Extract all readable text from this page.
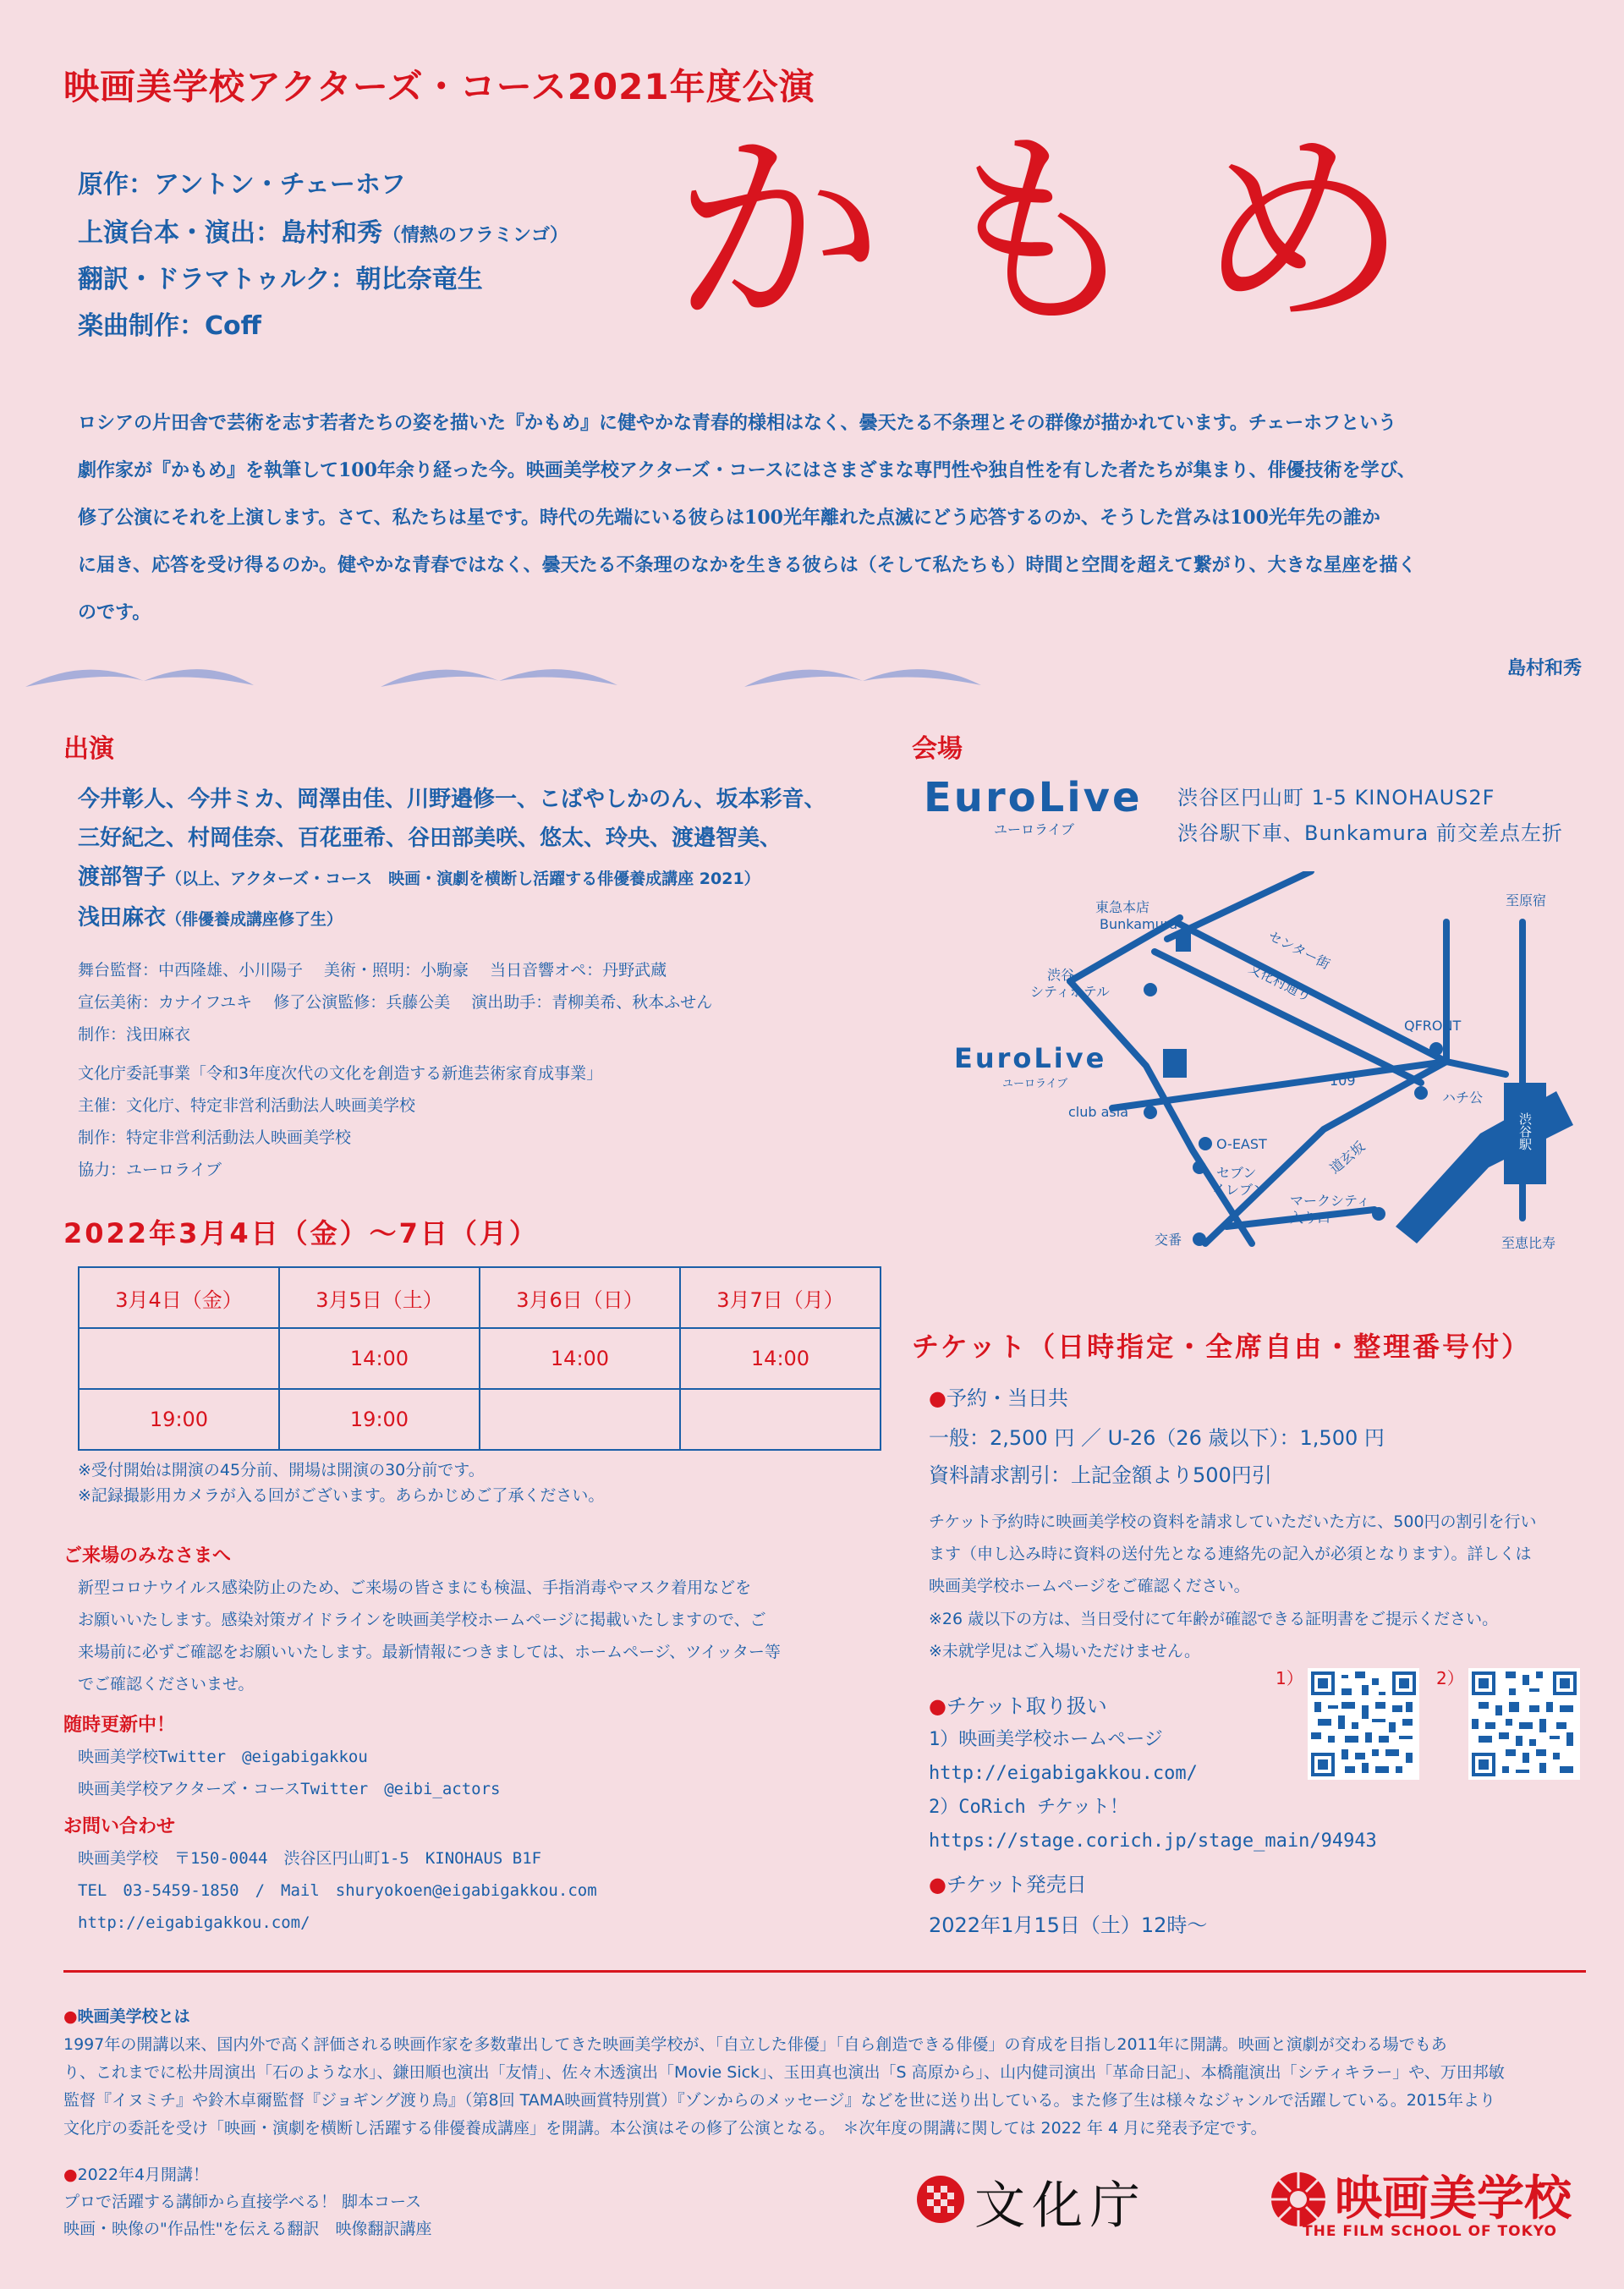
映画美学校アクターズ・コース2021年度公演
原作：アントン・チェーホフ
上演台本・演出：島村和秀（情熱のフラミンゴ）
翻訳・ドラマトゥルク：朝比奈竜生
楽曲制作：Coff かもめ
ロシアの片田舎で芸術を志す若者たちの姿を描いた『かもめ』に健やかな青春的様相はなく、曇天たる不条理とその群像が描かれています。チェーホフという
劇作家が『かもめ』を執筆して100年余り経った今。映画美学校アクターズ・コースにはさまざまな専門性や独自性を有した者たちが集まり、俳優技術を学び、
修了公演にそれを上演します。さて、私たちは星です。時代の先端にいる彼らは100光年離れた点滅にどう応答するのか、そうした営みは100光年先の誰か
に届き、応答を受け得るのか。健やかな青春ではなく、曇天たる不条理のなかを生きる彼らは（そして私たちも）時間と空間を超えて繋がり、大きな星座を描く
のです。
島村和秀
出演
今井彰人、今井ミカ、岡澤由佳、川野邉修一、こばやしかのん、坂本彩音、
三好紀之、村岡佳奈、百花亜希、谷田部美咲、悠太、玲央、渡邉智美、
渡部智子（以上、アクターズ・コース　映画・演劇を横断し活躍する俳優養成講座 2021）
浅田麻衣（俳優養成講座修了生）
舞台監督：中西隆雄、小川陽子　 美術・照明：小駒豪　 当日音響オペ：丹野武蔵
宣伝美術：カナイフユキ　 修了公演監修：兵藤公美　 演出助手：青柳美希、秋本ふせん
制作：浅田麻衣
文化庁委託事業「令和3年度次代の文化を創造する新進芸術家育成事業」
主催：文化庁、特定非営利活動法人映画美学校
制作：特定非営利活動法人映画美学校
協力：ユーロライブ
2022年3月4日（金）〜7日（月）
3月4日（金）	3月5日（土）	3月6日（日）	3月7日（月）
	14:00	14:00	14:00
19:00	19:00		
※受付開始は開演の45分前、開場は開演の30分前です。
※記録撮影用カメラが入る回がございます。あらかじめご了承ください。
ご来場のみなさまへ
新型コロナウイルス感染防止のため、ご来場の皆さまにも検温、手指消毒やマスク着用などを
お願いいたします。感染対策ガイドラインを映画美学校ホームページに掲載いたしますので、ご
来場前に必ずご確認をお願いいたします。最新情報につきましては、ホームページ、ツイッター等
でご確認くださいませ。
随時更新中！
映画美学校Twitter　@eigabigakkou
映画美学校アクターズ・コースTwitter　@eibi_actors
お問い合わせ
映画美学校　〒150-0044　渋谷区円山町1-5　KINOHAUS B1F
TEL　03-5459-1850　/　Mail　shuryokoen@eigabigakkou.com
http://eigabigakkou.com/
会場
EuroLive
ユーロライブ
渋谷区円山町 1-5 KINOHAUS2F
渋谷駅下車、Bunkamura 前交差点左折
東急本店
Bunkamura
センター街
文化村通り
至原宿
渋谷
シティホテル
QFRONT
109
ハチ公
渋谷駅
club asia
O-EAST
セブン
イレブン
道玄坂
マークシティ
入り口
交番	至恵比寿
EuroLive
ユーロライブ
チケット（日時指定・全席自由・整理番号付）
●予約・当日共
一般：2,500 円 ／ U-26（26 歳以下）：1,500 円
資料請求割引：上記金額より500円引
チケット予約時に映画美学校の資料を請求していただいた方に、500円の割引を行い
ます（申し込み時に資料の送付先となる連絡先の記入が必須となります）。詳しくは
映画美学校ホームページをご確認ください。
※26 歳以下の方は、当日受付にて年齢が確認できる証明書をご提示ください。
※未就学児はご入場いただけません。
●チケット取り扱い
1）映画美学校ホームページ
http://eigabigakkou.com/
2）CoRich チケット！
https://stage.corich.jp/stage_main/94943
●チケット発売日
2022年1月15日（土）12時〜
1）	2）
●映画美学校とは
1997年の開講以来、国内外で高く評価される映画作家を多数輩出してきた映画美学校が、「自立した俳優」「自ら創造できる俳優」の育成を目指し2011年に開講。映画と演劇が交わる場でもあ
り、これまでに松井周演出「石のような水」、鎌田順也演出「友情」、佐々木透演出「Movie Sick」、玉田真也演出「S 高原から」、山内健司演出「革命日記」、本橋龍演出「シティキラー」や、万田邦敏
監督『イヌミチ』や鈴木卓爾監督『ジョギング渡り鳥』（第8回 TAMA映画賞特別賞）『ゾンからのメッセージ』などを世に送り出している。また修了生は様々なジャンルで活躍している。2015年より
文化庁の委託を受け「映画・演劇を横断し活躍する俳優養成講座」を開講。本公演はその修了公演となる。　＊次年度の開講に関しては 2022 年 4 月に発表予定です。
●2022年4月開講！
プロで活躍する講師から直接学べる！ 脚本コース
映画・映像の"作品性"を伝える翻訳　映像翻訳講座	文化庁	映画美学校
THE FILM SCHOOL OF TOKYO
